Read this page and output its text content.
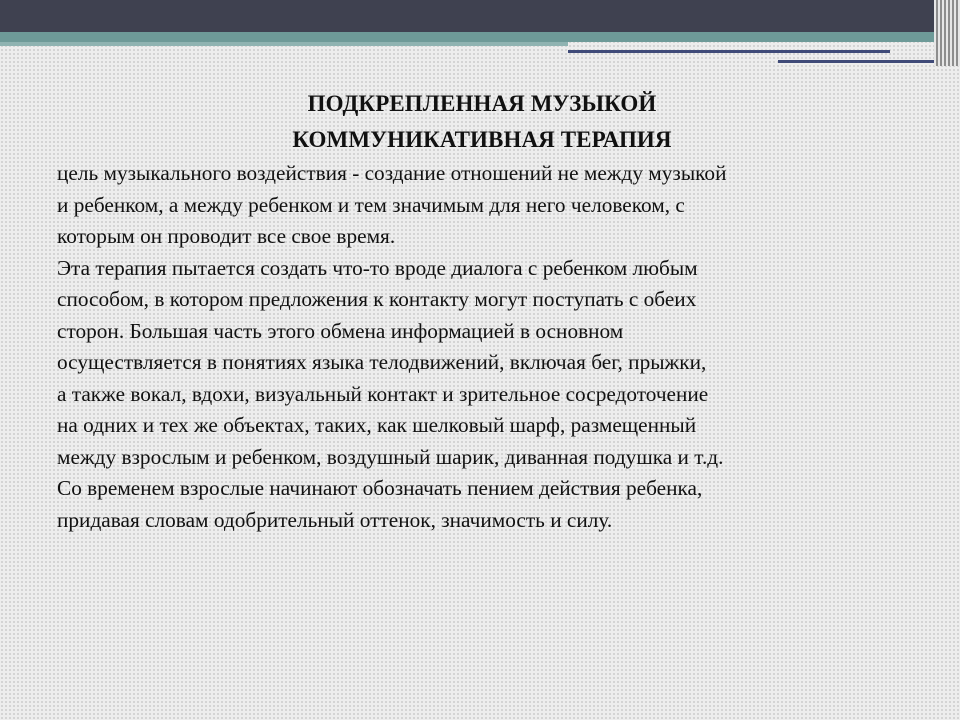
ПОДКРЕПЛЕННАЯ МУЗЫКОЙ
КОММУНИКАТИВНАЯ ТЕРАПИЯ

цель музыкального воздействия - создание отношений не между музыкой
и ребенком, а между ребенком и тем значимым для него человеком, с
которым он проводит все свое время.

Эта терапия пытается создать что-то вроде диалога с ребенком любым
способом, в котором предложения к контакту могут поступать с обеих
сторон. Большая часть этого обмена информацией в основном
осуществляется в понятиях языка телодвижений, включая бег, прыжки,
а также вокал, вдохи, визуальный контакт и зрительное сосредоточение
на одних и тех же объектах, таких, как шелковый шарф, размещенный
между взрослым и ребенком, воздушный шарик, диванная подушка и т.д.
Со временем взрослые начинают обозначать пением действия ребенка,
придавая словам одобрительный оттенок, значимость и силу.
